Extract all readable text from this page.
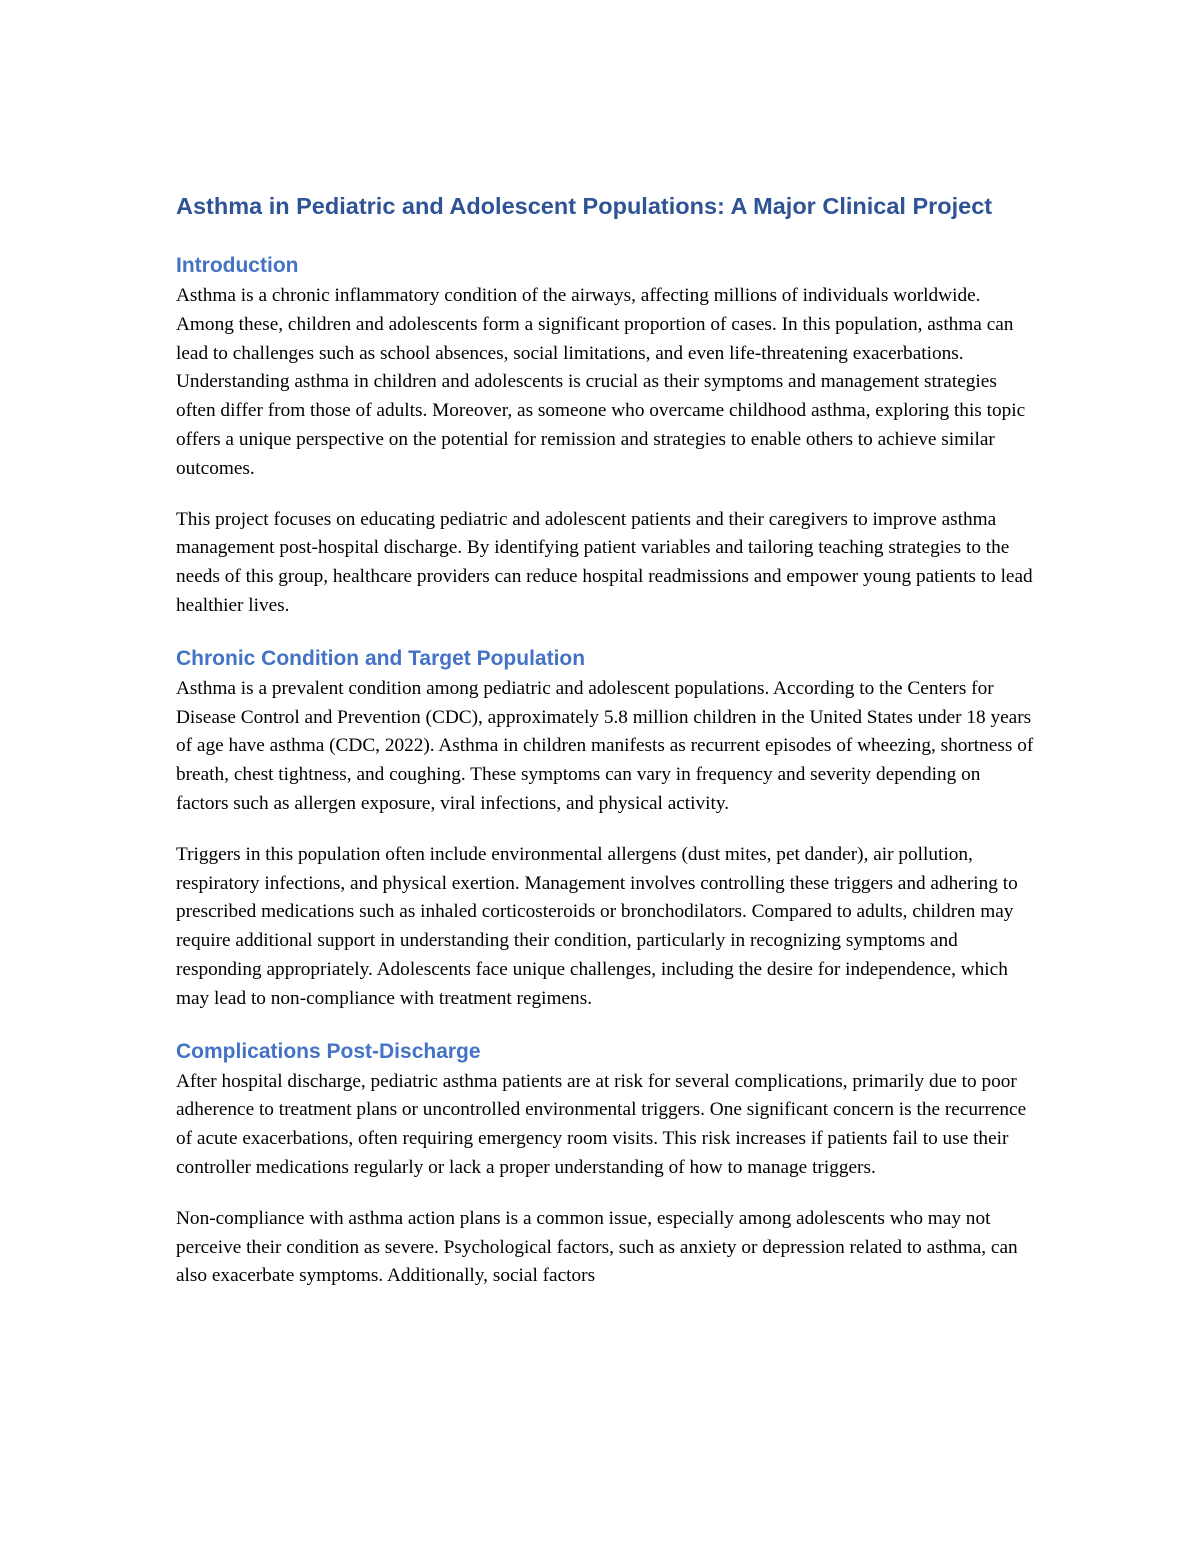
Asthma in Pediatric and Adolescent Populations: A Major Clinical Project
Introduction

Asthma is a chronic inflammatory condition of the airways, affecting millions of individuals worldwide. Among these, children and adolescents form a significant proportion of cases. In this population, asthma can lead to challenges such as school absences, social limitations, and even life-threatening exacerbations. Understanding asthma in children and adolescents is crucial as their symptoms and management strategies often differ from those of adults. Moreover, as someone who overcame childhood asthma, exploring this topic offers a unique perspective on the potential for remission and strategies to enable others to achieve similar outcomes.

This project focuses on educating pediatric and adolescent patients and their caregivers to improve asthma management post-hospital discharge. By identifying patient variables and tailoring teaching strategies to the needs of this group, healthcare providers can reduce hospital readmissions and empower young patients to lead healthier lives.

Chronic Condition and Target Population

Asthma is a prevalent condition among pediatric and adolescent populations. According to the Centers for Disease Control and Prevention (CDC), approximately 5.8 million children in the United States under 18 years of age have asthma (CDC, 2022). Asthma in children manifests as recurrent episodes of wheezing, shortness of breath, chest tightness, and coughing. These symptoms can vary in frequency and severity depending on factors such as allergen exposure, viral infections, and physical activity.

Triggers in this population often include environmental allergens (dust mites, pet dander), air pollution, respiratory infections, and physical exertion. Management involves controlling these triggers and adhering to prescribed medications such as inhaled corticosteroids or bronchodilators. Compared to adults, children may require additional support in understanding their condition, particularly in recognizing symptoms and responding appropriately. Adolescents face unique challenges, including the desire for independence, which may lead to non-compliance with treatment regimens.

Complications Post-Discharge

After hospital discharge, pediatric asthma patients are at risk for several complications, primarily due to poor adherence to treatment plans or uncontrolled environmental triggers. One significant concern is the recurrence of acute exacerbations, often requiring emergency room visits. This risk increases if patients fail to use their controller medications regularly or lack a proper understanding of how to manage triggers.

Non-compliance with asthma action plans is a common issue, especially among adolescents who may not perceive their condition as severe. Psychological factors, such as anxiety or depression related to asthma, can also exacerbate symptoms. Additionally, social factors
